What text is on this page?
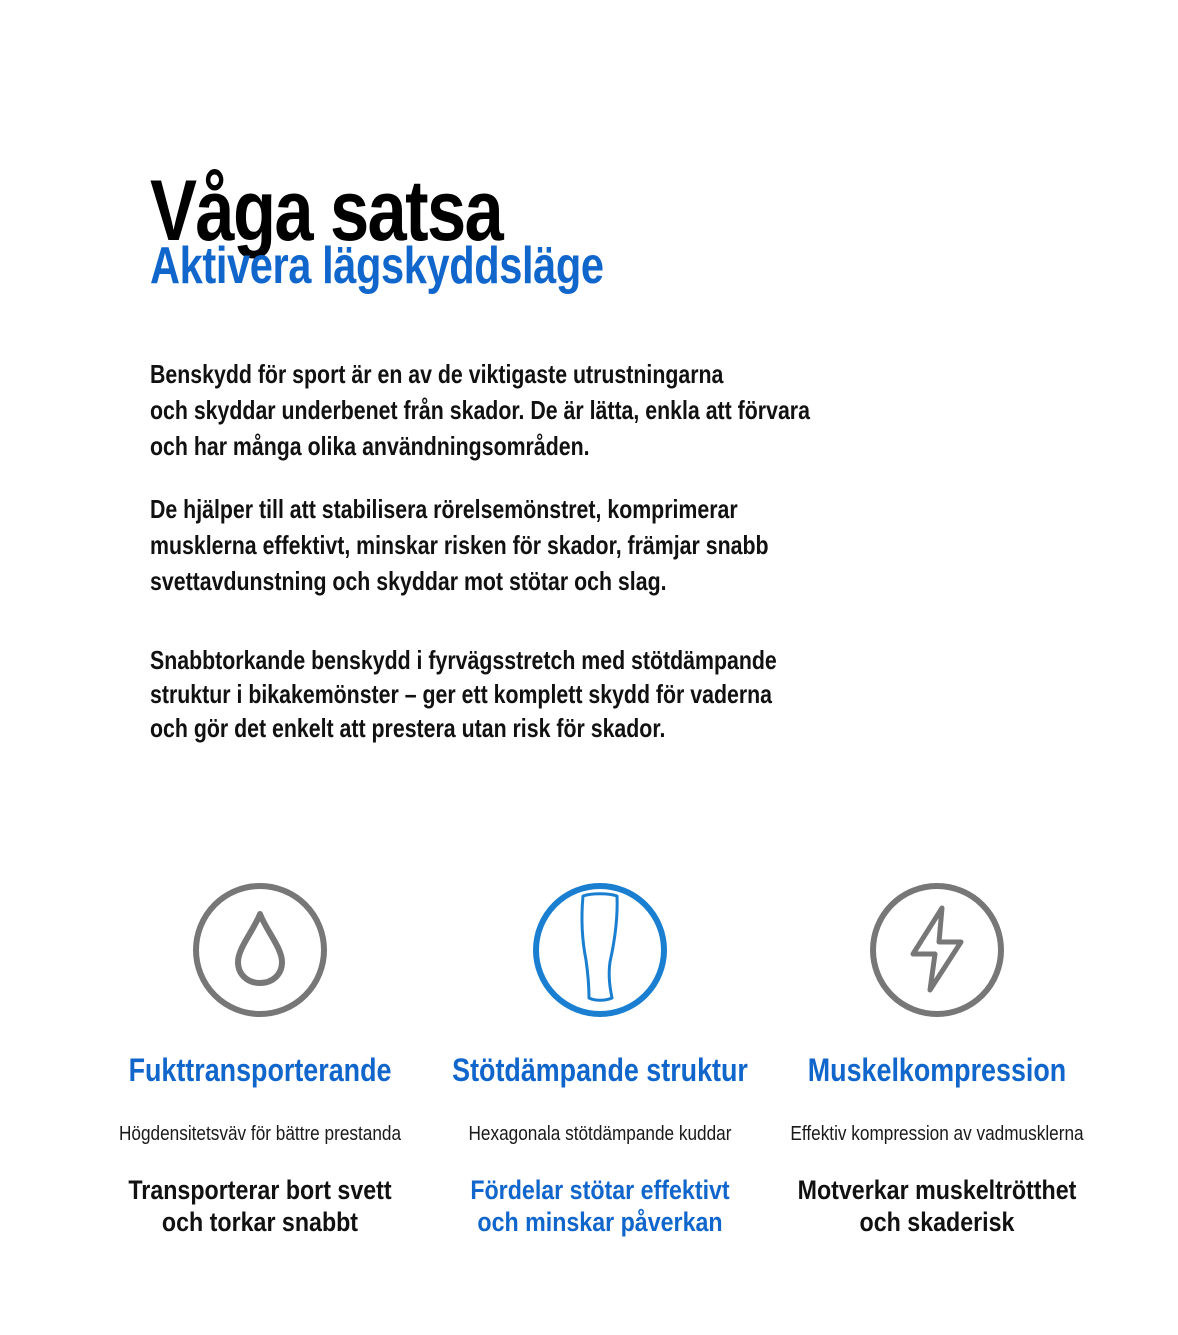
Våga satsa
Aktivera lägskyddsläge
Benskydd för sport är en av de viktigaste utrustningarna
och skyddar underbenet från skador. De är lätta, enkla att förvara
och har många olika användningsområden.
De hjälper till att stabilisera rörelsemönstret, komprimerar
musklerna effektivt, minskar risken för skador, främjar snabb
svettavdunstning och skyddar mot stötar och slag.
Snabbtorkande benskydd i fyrvägsstretch med stötdämpande
struktur i bikakemönster – ger ett komplett skydd för vaderna
och gör det enkelt att prestera utan risk för skador.
Fukttransporterande
Högdensitetsväv för bättre prestanda
Transporterar bort svett
och torkar snabbt
Stötdämpande struktur
Hexagonala stötdämpande kuddar
Fördelar stötar effektivt
och minskar påverkan
Muskelkompression
Effektiv kompression av vadmusklerna
Motverkar muskeltrötthet
och skaderisk
